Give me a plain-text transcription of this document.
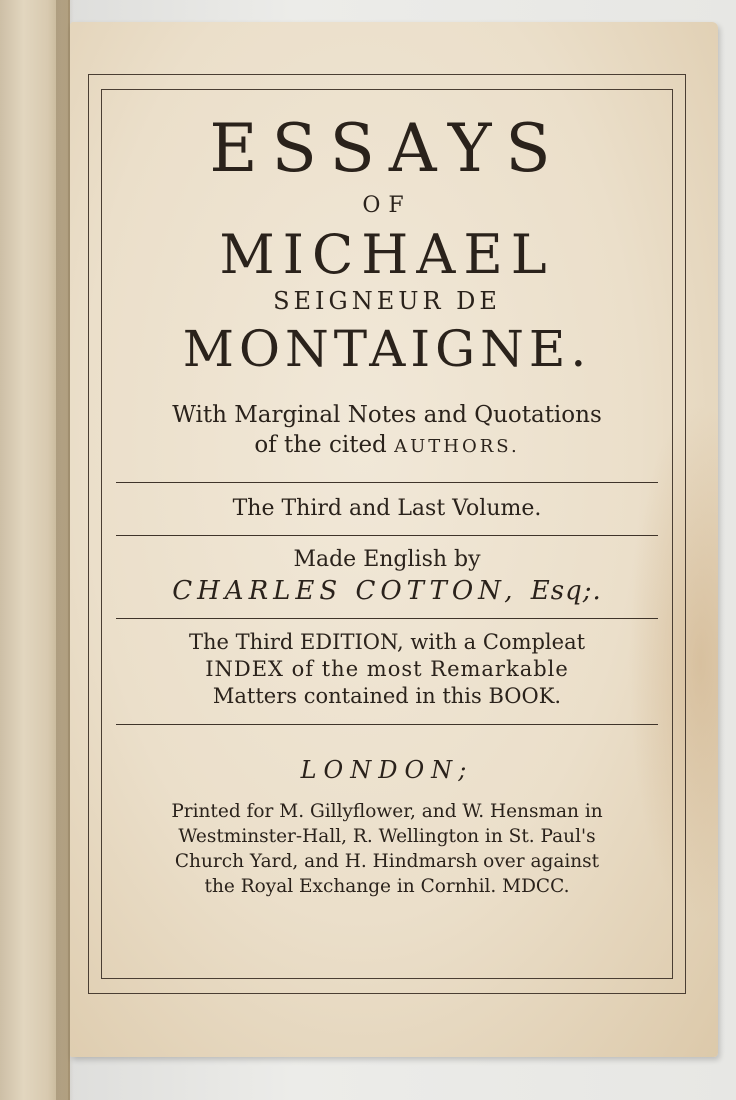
ESSAYS
OF
MICHAEL
SEIGNEUR DE
MONTAIGNE.
With Marginal Notes and Quotations
of the cited AUTHORS.
The Third and Last Volume.
Made English by
CHARLES COTTON, Esq;.
The Third EDITION, with a Compleat
INDEX of the most Remarkable
Matters contained in this BOOK.
LONDON;
Printed for M. Gillyflower, and W. Hensman in
Westminster-Hall, R. Wellington in St. Paul's
Church Yard, and H. Hindmarsh over against
the Royal Exchange in Cornhil. MDCC.
